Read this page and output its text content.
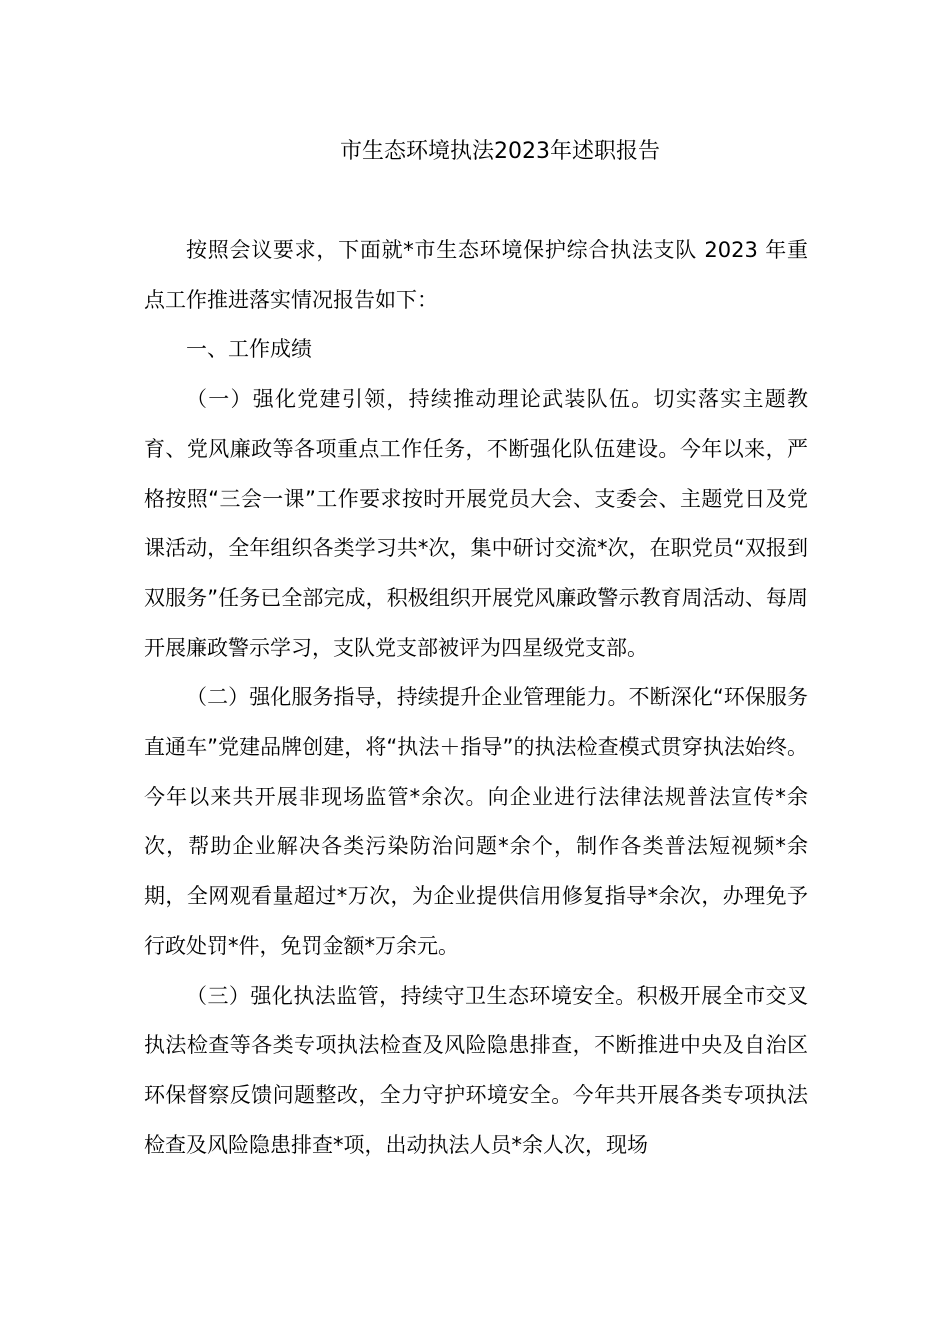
市生态环境执法2023年述职报告

按照会议要求，下面就*市生态环境保护综合执法支队 2023 年重点工作推进落实情况报告如下：

一、工作成绩

（一）强化党建引领，持续推动理论武装队伍。切实落实主题教育、党风廉政等各项重点工作任务，不断强化队伍建设。今年以来，严格按照“三会一课”工作要求按时开展党员大会、支委会、主题党日及党课活动，全年组织各类学习共*次，集中研讨交流*次，在职党员“双报到双服务”任务已全部完成，积极组织开展党风廉政警示教育周活动、每周开展廉政警示学习，支队党支部被评为四星级党支部。

（二）强化服务指导，持续提升企业管理能力。不断深化“环保服务直通车”党建品牌创建，将“执法＋指导”的执法检查模式贯穿执法始终。今年以来共开展非现场监管*余次。向企业进行法律法规普法宣传*余次，帮助企业解决各类污染防治问题*余个，制作各类普法短视频*余期，全网观看量超过*万次，为企业提供信用修复指导*余次，办理免予行政处罚*件，免罚金额*万余元。

（三）强化执法监管，持续守卫生态环境安全。积极开展全市交叉执法检查等各类专项执法检查及风险隐患排查，不断推进中央及自治区环保督察反馈问题整改，全力守护环境安全。今年共开展各类专项执法检查及风险隐患排查*项，出动执法人员*余人次，现场
